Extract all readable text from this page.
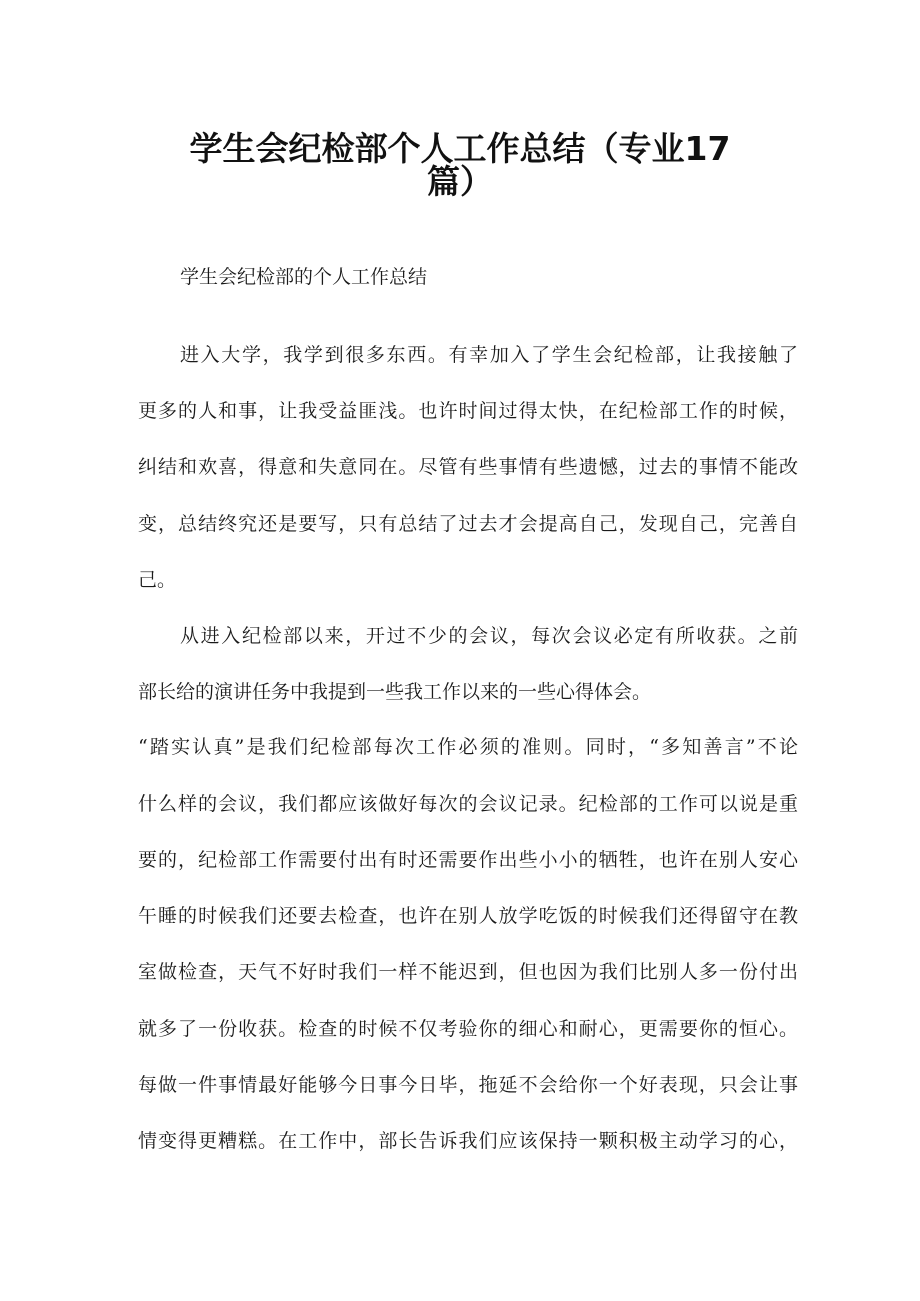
学生会纪检部个人工作总结（专业17
篇）

学生会纪检部的个人工作总结

进入大学，我学到很多东西。有幸加入了学生会纪检部，让我接触了

更多的人和事，让我受益匪浅。也许时间过得太快，在纪检部工作的时候，

纠结和欢喜，得意和失意同在。尽管有些事情有些遗憾，过去的事情不能改

变，总结终究还是要写，只有总结了过去才会提高自己，发现自己，完善自

己。

从进入纪检部以来，开过不少的会议，每次会议必定有所收获。之前

部长给的演讲任务中我提到一些我工作以来的一些心得体会。

“踏实认真”是我们纪检部每次工作必须的准则。同时，“多知善言”不论

什么样的会议，我们都应该做好每次的会议记录。纪检部的工作可以说是重

要的，纪检部工作需要付出有时还需要作出些小小的牺牲，也许在别人安心

午睡的时候我们还要去检查，也许在别人放学吃饭的时候我们还得留守在教

室做检查，天气不好时我们一样不能迟到，但也因为我们比别人多一份付出

就多了一份收获。检查的时候不仅考验你的细心和耐心，更需要你的恒心。

每做一件事情最好能够今日事今日毕，拖延不会给你一个好表现，只会让事

情变得更糟糕。在工作中，部长告诉我们应该保持一颗积极主动学习的心，
